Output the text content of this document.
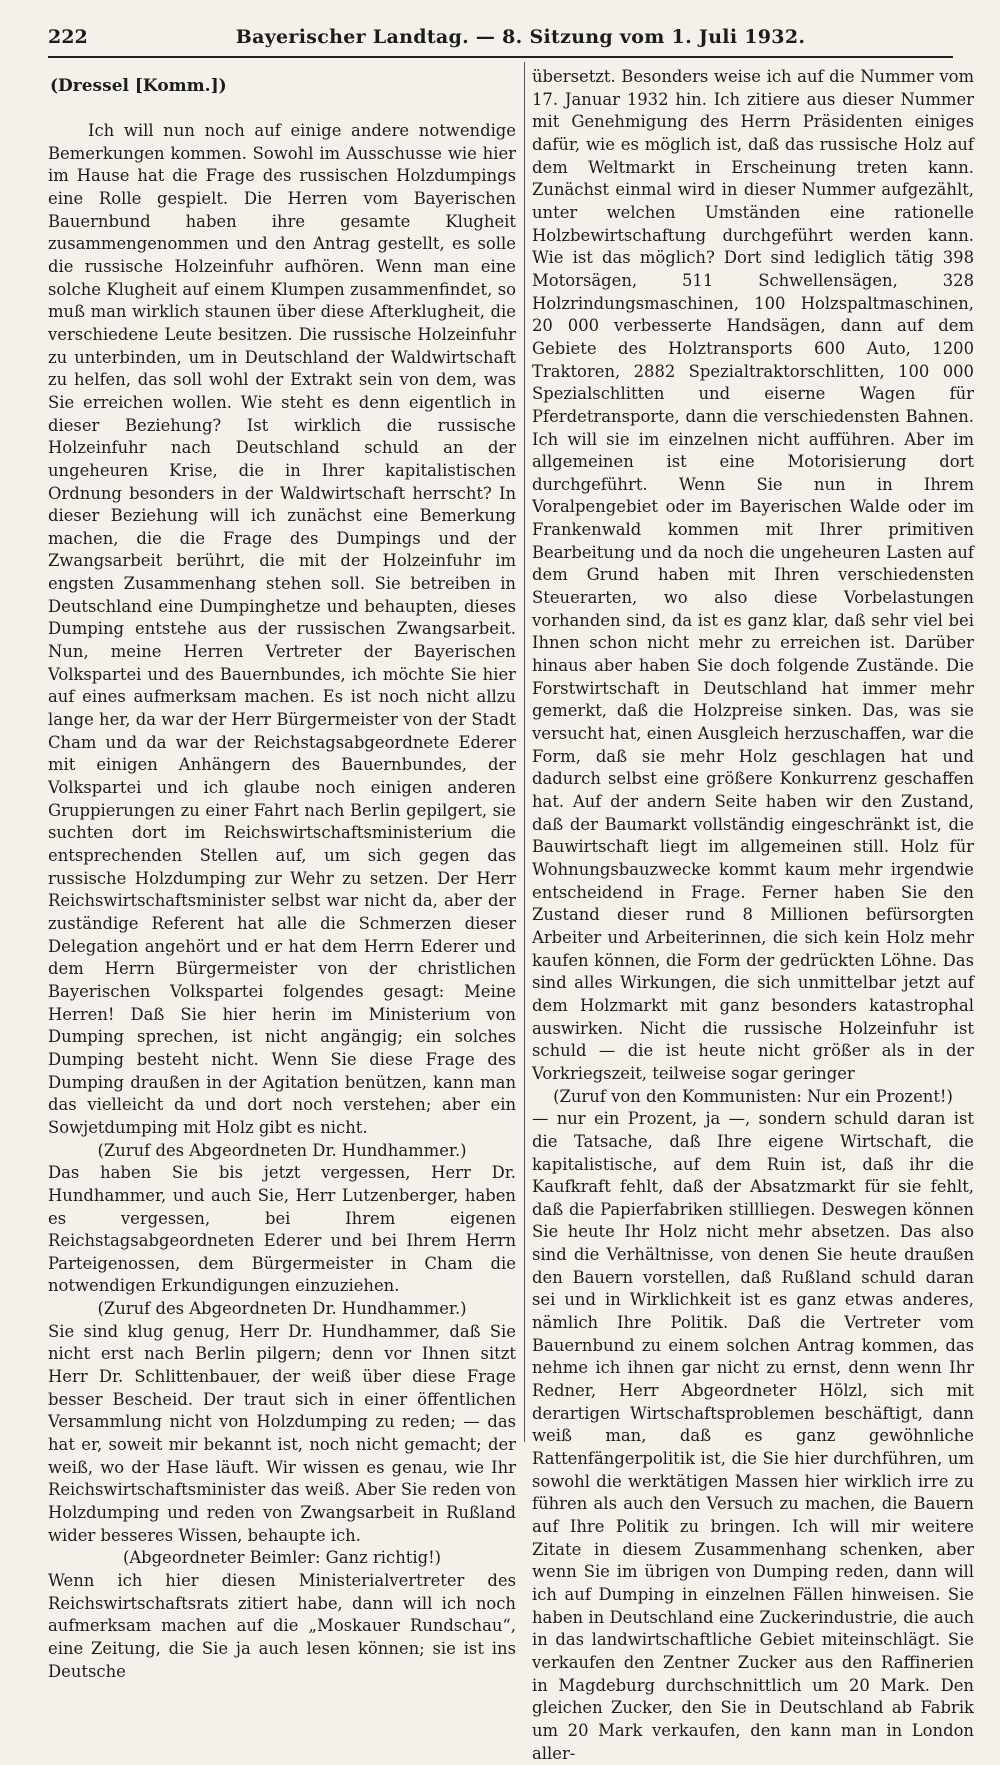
222	Bayerischer Landtag. — 8. Sitzung vom 1. Juli 1932.
(Dressel [Komm.])

Ich will nun noch auf einige andere notwendige Bemerkungen kommen. Sowohl im Ausschusse wie hier im Hause hat die Frage des russischen Holzdumpings eine Rolle gespielt. Die Herren vom Bayerischen Bauernbund haben ihre gesamte Klugheit zusammengenommen und den Antrag gestellt, es solle die russische Holzeinfuhr aufhören. Wenn man eine solche Klugheit auf einem Klumpen zusammenfindet, so muß man wirklich staunen über diese Afterklugheit, die verschiedene Leute besitzen. Die russische Holzeinfuhr zu unterbinden, um in Deutschland der Waldwirtschaft zu helfen, das soll wohl der Extrakt sein von dem, was Sie erreichen wollen. Wie steht es denn eigentlich in dieser Beziehung? Ist wirklich die russische Holzeinfuhr nach Deutschland schuld an der ungeheuren Krise, die in Ihrer kapitalistischen Ordnung besonders in der Waldwirtschaft herrscht? In dieser Beziehung will ich zunächst eine Bemerkung machen, die die Frage des Dumpings und der Zwangsarbeit berührt, die mit der Holzeinfuhr im engsten Zusammenhang stehen soll. Sie betreiben in Deutschland eine Dumpinghetze und behaupten, dieses Dumping entstehe aus der russischen Zwangsarbeit. Nun, meine Herren Vertreter der Bayerischen Volkspartei und des Bauernbundes, ich möchte Sie hier auf eines aufmerksam machen. Es ist noch nicht allzu lange her, da war der Herr Bürgermeister von der Stadt Cham und da war der Reichstagsabgeordnete Ederer mit einigen Anhängern des Bauernbundes, der Volkspartei und ich glaube noch einigen anderen Gruppierungen zu einer Fahrt nach Berlin gepilgert, sie suchten dort im Reichswirtschaftsministerium die entsprechenden Stellen auf, um sich gegen das russische Holzdumping zur Wehr zu setzen. Der Herr Reichswirtschaftsminister selbst war nicht da, aber der zuständige Referent hat alle die Schmerzen dieser Delegation angehört und er hat dem Herrn Ederer und dem Herrn Bürgermeister von der christlichen Bayerischen Volkspartei folgendes gesagt: Meine Herren! Daß Sie hier herin im Ministerium von Dumping sprechen, ist nicht angängig; ein solches Dumping besteht nicht. Wenn Sie diese Frage des Dumping draußen in der Agitation benützen, kann man das vielleicht da und dort noch verstehen; aber ein Sowjetdumping mit Holz gibt es nicht.

(Zuruf des Abgeordneten Dr. Hundhammer.)

Das haben Sie bis jetzt vergessen, Herr Dr. Hundhammer, und auch Sie, Herr Lutzenberger, haben es vergessen, bei Ihrem eigenen Reichstagsabgeordneten Ederer und bei Ihrem Herrn Parteigenossen, dem Bürgermeister in Cham die notwendigen Erkundigungen einzuziehen.

(Zuruf des Abgeordneten Dr. Hundhammer.)

Sie sind klug genug, Herr Dr. Hundhammer, daß Sie nicht erst nach Berlin pilgern; denn vor Ihnen sitzt Herr Dr. Schlittenbauer, der weiß über diese Frage besser Bescheid. Der traut sich in einer öffentlichen Versammlung nicht von Holzdumping zu reden; — das hat er, soweit mir bekannt ist, noch nicht gemacht; der weiß, wo der Hase läuft. Wir wissen es genau, wie Ihr Reichswirtschaftsminister das weiß. Aber Sie reden von Holzdumping und reden von Zwangsarbeit in Rußland wider besseres Wissen, behaupte ich.

(Abgeordneter Beimler: Ganz richtig!)

Wenn ich hier diesen Ministerialvertreter des Reichswirtschaftsrats zitiert habe, dann will ich noch aufmerksam machen auf die „Moskauer Rundschau“, eine Zeitung, die Sie ja auch lesen können; sie ist ins Deutsche

übersetzt. Besonders weise ich auf die Nummer vom 17. Januar 1932 hin. Ich zitiere aus dieser Nummer mit Genehmigung des Herrn Präsidenten einiges dafür, wie es möglich ist, daß das russische Holz auf dem Weltmarkt in Erscheinung treten kann. Zunächst einmal wird in dieser Nummer aufgezählt, unter welchen Umständen eine rationelle Holzbewirtschaftung durchgeführt werden kann. Wie ist das möglich? Dort sind lediglich tätig 398 Motorsägen, 511 Schwellensägen, 328 Holzrindungsmaschinen, 100 Holzspaltmaschinen, 20 000 verbesserte Handsägen, dann auf dem Gebiete des Holztransports 600 Auto, 1200 Traktoren, 2882 Spezialtraktorschlitten, 100 000 Spezialschlitten und eiserne Wagen für Pferdetransporte, dann die verschiedensten Bahnen. Ich will sie im einzelnen nicht aufführen. Aber im allgemeinen ist eine Motorisierung dort durchgeführt. Wenn Sie nun in Ihrem Voralpengebiet oder im Bayerischen Walde oder im Frankenwald kommen mit Ihrer primitiven Bearbeitung und da noch die ungeheuren Lasten auf dem Grund haben mit Ihren verschiedensten Steuerarten, wo also diese Vorbelastungen vorhanden sind, da ist es ganz klar, daß sehr viel bei Ihnen schon nicht mehr zu erreichen ist. Darüber hinaus aber haben Sie doch folgende Zustände. Die Forstwirtschaft in Deutschland hat immer mehr gemerkt, daß die Holzpreise sinken. Das, was sie versucht hat, einen Ausgleich herzuschaffen, war die Form, daß sie mehr Holz geschlagen hat und dadurch selbst eine größere Konkurrenz geschaffen hat. Auf der andern Seite haben wir den Zustand, daß der Baumarkt vollständig eingeschränkt ist, die Bauwirtschaft liegt im allgemeinen still. Holz für Wohnungsbauzwecke kommt kaum mehr irgendwie entscheidend in Frage. Ferner haben Sie den Zustand dieser rund 8 Millionen befürsorgten Arbeiter und Arbeiterinnen, die sich kein Holz mehr kaufen können, die Form der gedrückten Löhne. Das sind alles Wirkungen, die sich unmittelbar jetzt auf dem Holzmarkt mit ganz besonders katastrophal auswirken. Nicht die russische Holzeinfuhr ist schuld — die ist heute nicht größer als in der Vorkriegszeit, teilweise sogar geringer

(Zuruf von den Kommunisten: Nur ein Prozent!)

— nur ein Prozent, ja —, sondern schuld daran ist die Tatsache, daß Ihre eigene Wirtschaft, die kapitalistische, auf dem Ruin ist, daß ihr die Kaufkraft fehlt, daß der Absatzmarkt für sie fehlt, daß die Papierfabriken stillliegen. Deswegen können Sie heute Ihr Holz nicht mehr absetzen. Das also sind die Verhältnisse, von denen Sie heute draußen den Bauern vorstellen, daß Rußland schuld daran sei und in Wirklichkeit ist es ganz etwas anderes, nämlich Ihre Politik. Daß die Vertreter vom Bauernbund zu einem solchen Antrag kommen, das nehme ich ihnen gar nicht zu ernst, denn wenn Ihr Redner, Herr Abgeordneter Hölzl, sich mit derartigen Wirtschaftsproblemen beschäftigt, dann weiß man, daß es ganz gewöhnliche Rattenfängerpolitik ist, die Sie hier durchführen, um sowohl die werktätigen Massen hier wirklich irre zu führen als auch den Versuch zu machen, die Bauern auf Ihre Politik zu bringen. Ich will mir weitere Zitate in diesem Zusammenhang schenken, aber wenn Sie im übrigen von Dumping reden, dann will ich auf Dumping in einzelnen Fällen hinweisen. Sie haben in Deutschland eine Zuckerindustrie, die auch in das landwirtschaftliche Gebiet miteinschlägt. Sie verkaufen den Zentner Zucker aus den Raffinerien in Magdeburg durchschnittlich um 20 Mark. Den gleichen Zucker, den Sie in Deutschland ab Fabrik um 20 Mark verkaufen, den kann man in London aller-
